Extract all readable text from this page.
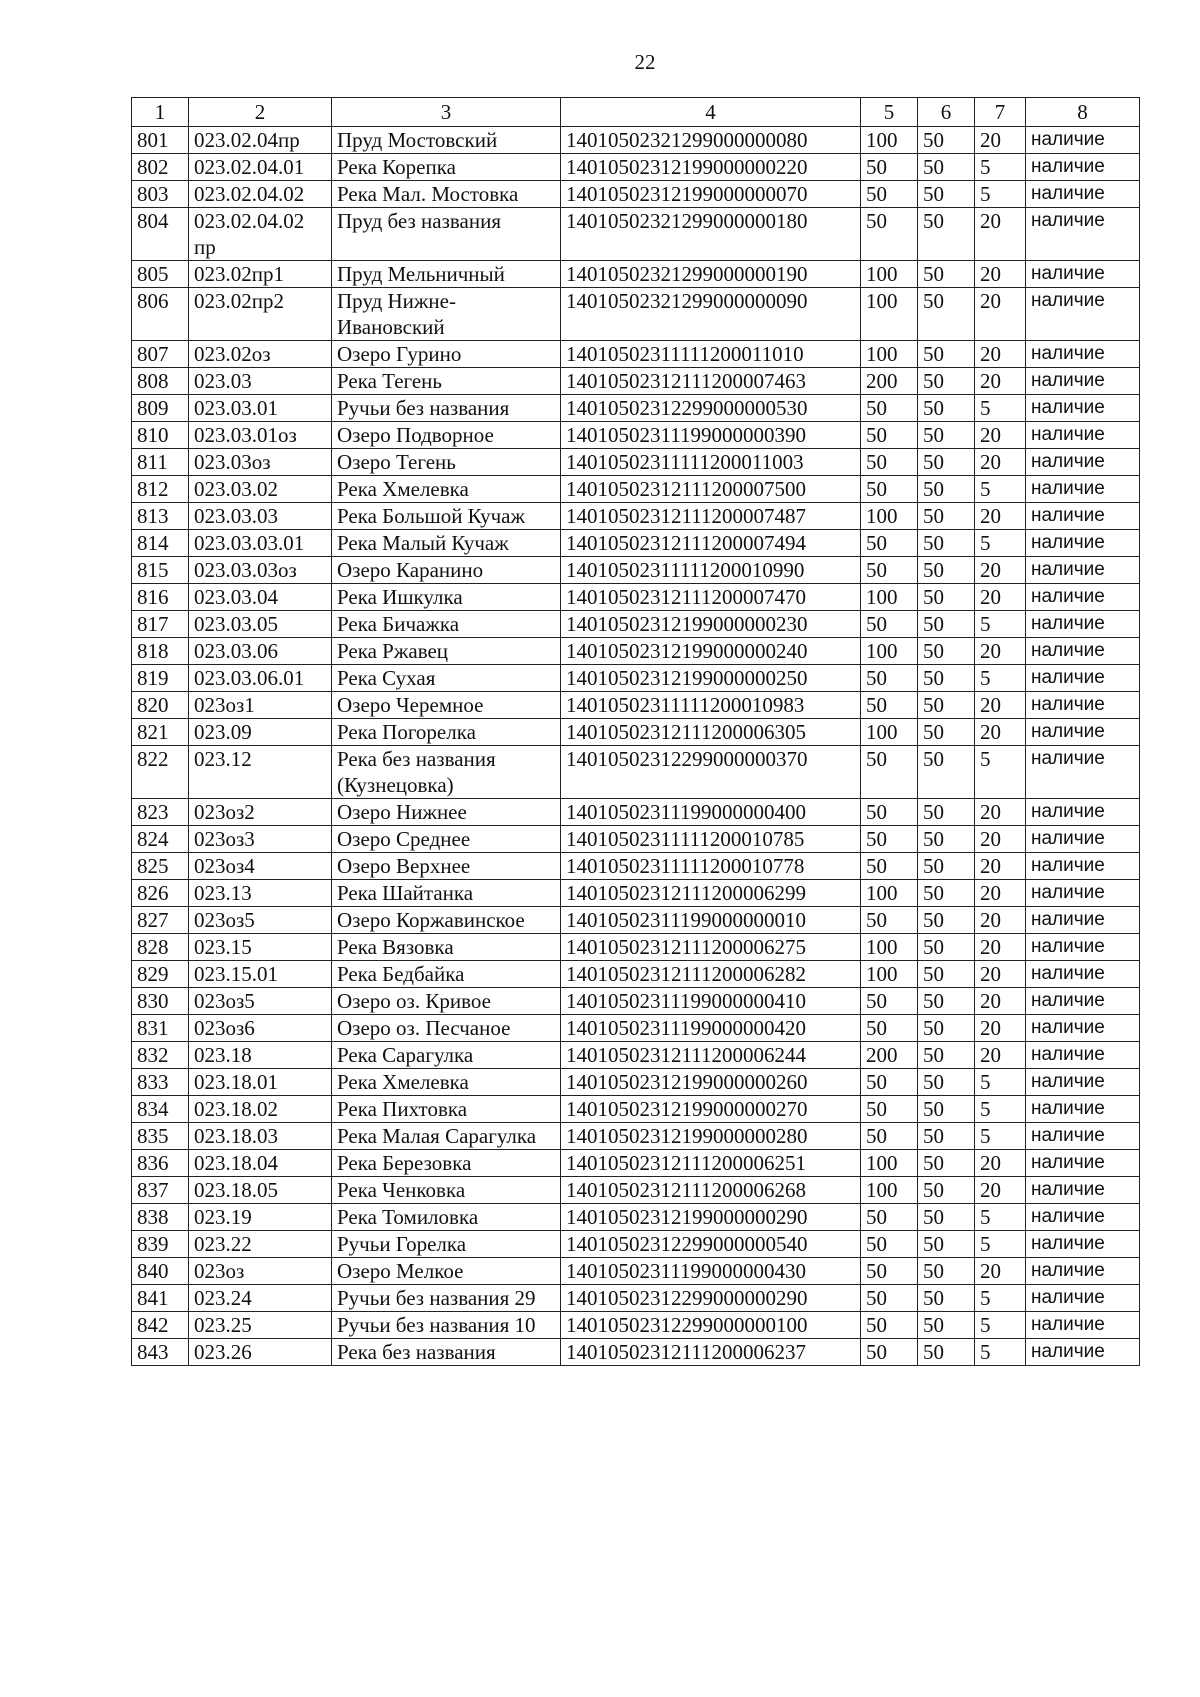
22
1	2	3	4	5	6	7	8
801	023.02.04пр	Пруд Мостовский	14010502321299000000080	100	50	20	наличие
802	023.02.04.01	Река Корепка	14010502312199000000220	50	50	5	наличие
803	023.02.04.02	Река Мал. Мостовка	14010502312199000000070	50	50	5	наличие
804	023.02.04.02 пр	Пруд без названия	14010502321299000000180	50	50	20	наличие
805	023.02пр1	Пруд Мельничный	14010502321299000000190	100	50	20	наличие
806	023.02пр2	Пруд Нижне-Ивановский	14010502321299000000090	100	50	20	наличие
807	023.02оз	Озеро Гурино	14010502311111200011010	100	50	20	наличие
808	023.03	Река Тегень	14010502312111200007463	200	50	20	наличие
809	023.03.01	Ручьи без названия	14010502312299000000530	50	50	5	наличие
810	023.03.01оз	Озеро Подворное	14010502311199000000390	50	50	20	наличие
811	023.03оз	Озеро Тегень	14010502311111200011003	50	50	20	наличие
812	023.03.02	Река Хмелевка	14010502312111200007500	50	50	5	наличие
813	023.03.03	Река Большой Кучаж	14010502312111200007487	100	50	20	наличие
814	023.03.03.01	Река Малый Кучаж	14010502312111200007494	50	50	5	наличие
815	023.03.03оз	Озеро Каранино	14010502311111200010990	50	50	20	наличие
816	023.03.04	Река Ишкулка	14010502312111200007470	100	50	20	наличие
817	023.03.05	Река Бичажка	14010502312199000000230	50	50	5	наличие
818	023.03.06	Река Ржавец	14010502312199000000240	100	50	20	наличие
819	023.03.06.01	Река Сухая	14010502312199000000250	50	50	5	наличие
820	023оз1	Озеро Черемное	14010502311111200010983	50	50	20	наличие
821	023.09	Река Погорелка	14010502312111200006305	100	50	20	наличие
822	023.12	Река без названия (Кузнецовка)	14010502312299000000370	50	50	5	наличие
823	023оз2	Озеро Нижнее	14010502311199000000400	50	50	20	наличие
824	023оз3	Озеро Среднее	14010502311111200010785	50	50	20	наличие
825	023оз4	Озеро Верхнее	14010502311111200010778	50	50	20	наличие
826	023.13	Река Шайтанка	14010502312111200006299	100	50	20	наличие
827	023оз5	Озеро Коржавинское	14010502311199000000010	50	50	20	наличие
828	023.15	Река Вязовка	14010502312111200006275	100	50	20	наличие
829	023.15.01	Река Бедбайка	14010502312111200006282	100	50	20	наличие
830	023оз5	Озеро оз. Кривое	14010502311199000000410	50	50	20	наличие
831	023оз6	Озеро оз. Песчаное	14010502311199000000420	50	50	20	наличие
832	023.18	Река Сарагулка	14010502312111200006244	200	50	20	наличие
833	023.18.01	Река Хмелевка	14010502312199000000260	50	50	5	наличие
834	023.18.02	Река Пихтовка	14010502312199000000270	50	50	5	наличие
835	023.18.03	Река Малая Сарагулка	14010502312199000000280	50	50	5	наличие
836	023.18.04	Река Березовка	14010502312111200006251	100	50	20	наличие
837	023.18.05	Река Ченковка	14010502312111200006268	100	50	20	наличие
838	023.19	Река Томиловка	14010502312199000000290	50	50	5	наличие
839	023.22	Ручьи Горелка	14010502312299000000540	50	50	5	наличие
840	023оз	Озеро Мелкое	14010502311199000000430	50	50	20	наличие
841	023.24	Ручьи без названия 29	14010502312299000000290	50	50	5	наличие
842	023.25	Ручьи без названия 10	14010502312299000000100	50	50	5	наличие
843	023.26	Река без названия	14010502312111200006237	50	50	5	наличие
